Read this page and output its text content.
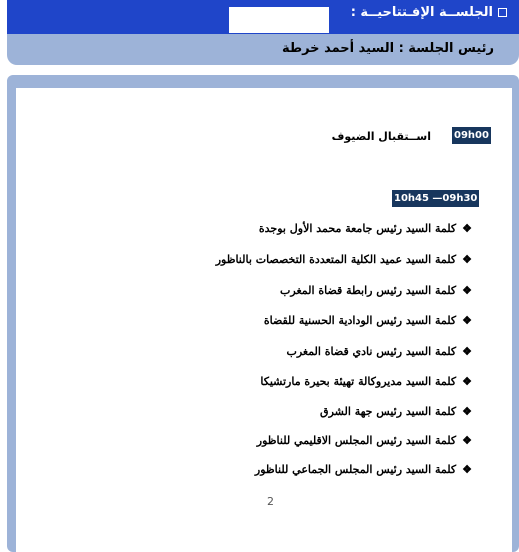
الجلســة الإفـتتاحيــة :
رئيس الجلسة : السيد أحمد خرطة
09h00
اســتقبال الضيوف
10h45 —09h30
❖كلمة السيد رئيس جامعة محمد الأول بوجدة
❖كلمة السيد عميد الكلية المتعددة التخصصات بالناظور
❖كلمة السيد رئيس رابطة قضاة المغرب
❖كلمة السيد رئيس الودادية الحسنية للقضاة
❖كلمة السيد رئيس نادي قضاة المغرب
❖كلمة السيد مديروكالة تهيئة بحيرة مارتشيكا
❖كلمة السيد رئيس جهة الشرق
❖كلمة السيد رئيس المجلس الاقليمي للناظور
❖كلمة السيد رئيس المجلس الجماعي للناظور
2
